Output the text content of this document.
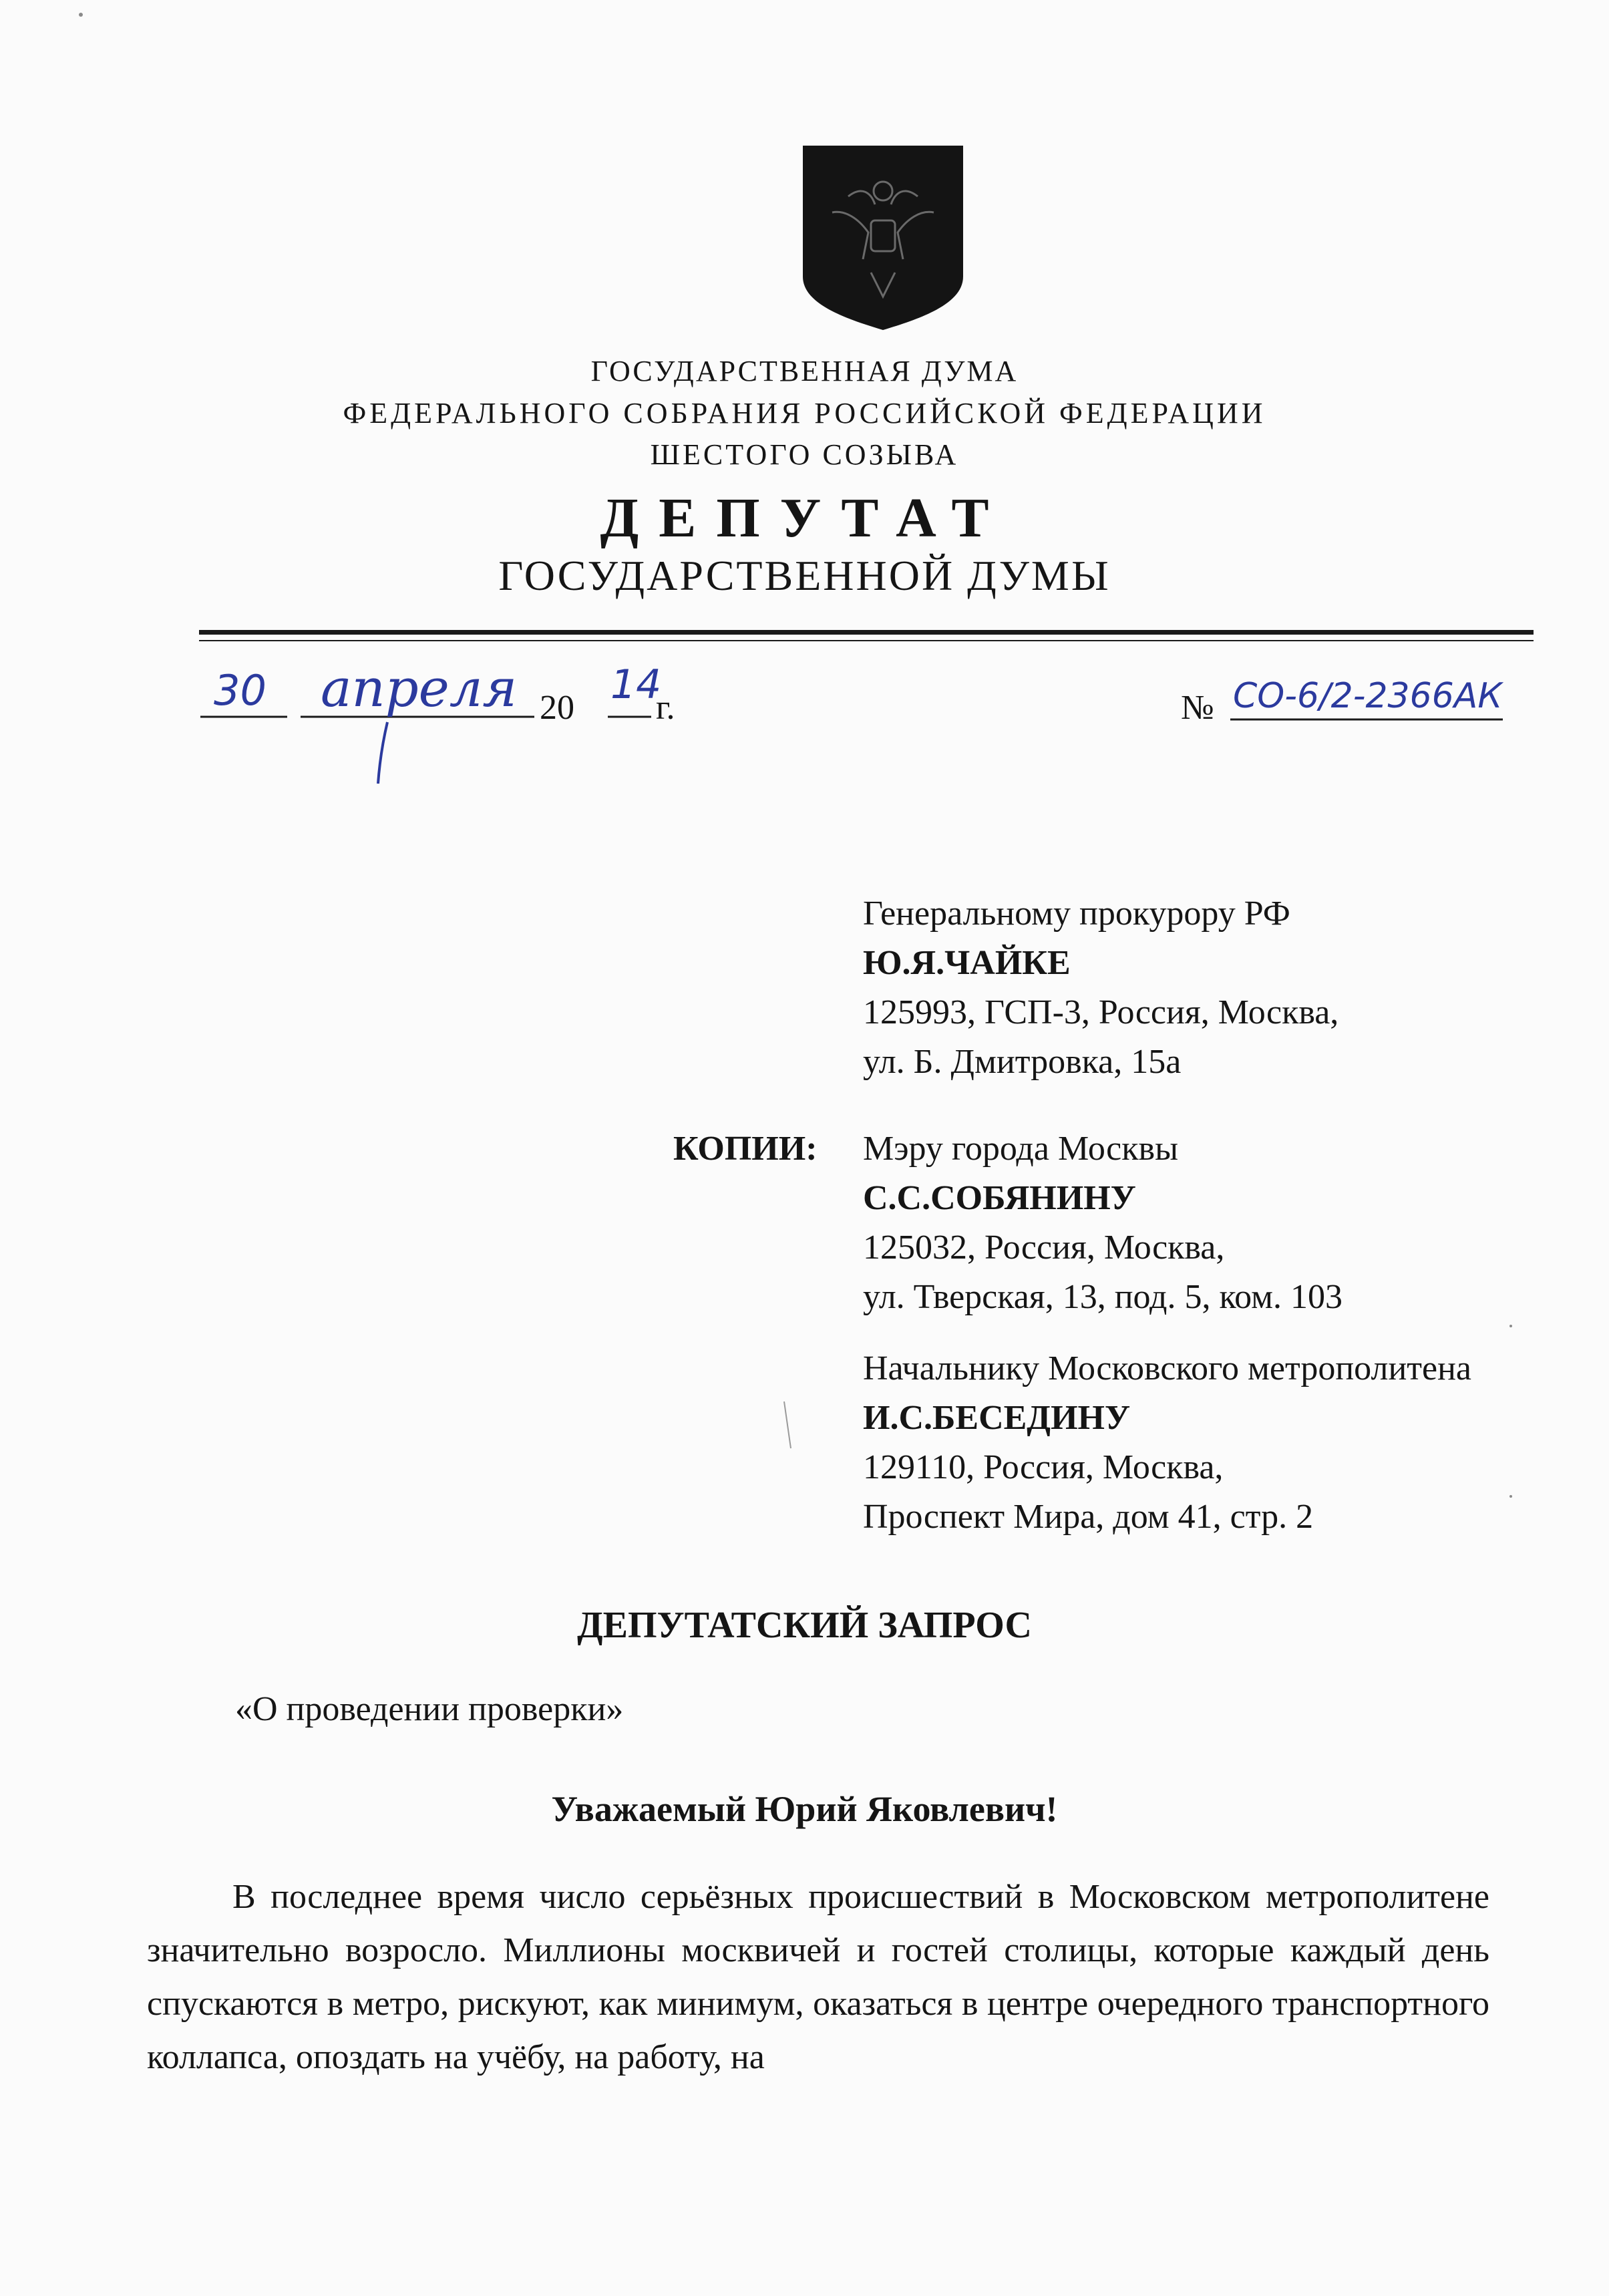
ГОСУДАРСТВЕННАЯ ДУМА
ФЕДЕРАЛЬНОГО СОБРАНИЯ РОССИЙСКОЙ ФЕДЕРАЦИИ
ШЕСТОГО СОЗЫВА
ДЕПУТАТ
ГОСУДАРСТВЕННОЙ ДУМЫ
30 апреля 14
20 г.	№ СО-6/2-2366АК
Генеральному прокурору РФ
Ю.Я.ЧАЙКЕ
125993, ГСП-3, Россия, Москва,
ул. Б. Дмитровка, 15а
КОПИИ: Мэру города Москвы
С.С.СОБЯНИНУ
125032, Россия, Москва,
ул. Тверская, 13, под. 5, ком. 103
Начальнику Московского метрополитена
И.С.БЕСЕДИНУ
129110, Россия, Москва,
Проспект Мира, дом 41, стр. 2
ДЕПУТАТСКИЙ ЗАПРОС
«О проведении проверки»
Уважаемый Юрий Яковлевич!
В последнее время число серьёзных происшествий в Московском метрополитене значительно возросло. Миллионы москвичей и гостей столицы, которые каждый день спускаются в метро, рискуют, как минимум, оказаться в центре очередного транспортного коллапса, опоздать на учёбу, на работу, на
